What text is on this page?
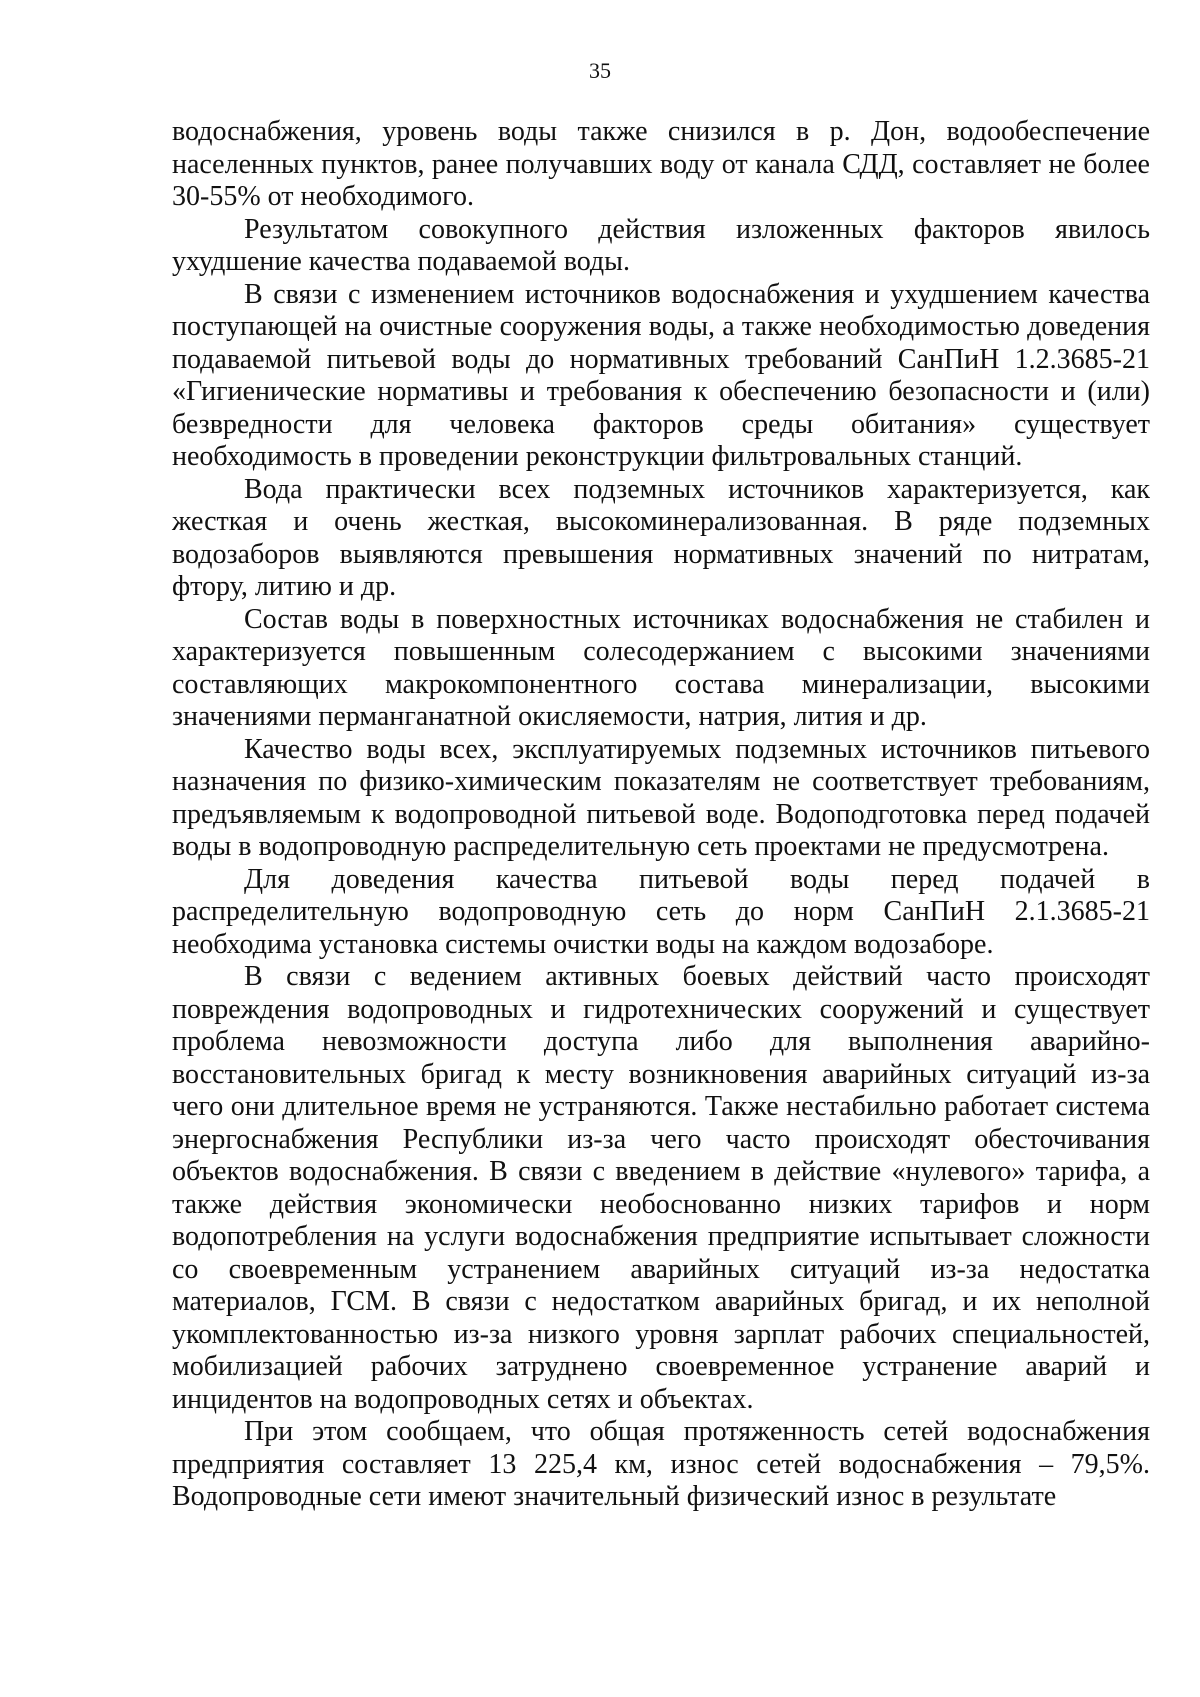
35

водоснабжения, уровень воды также снизился в р. Дон, водообеспечение населенных пунктов, ранее получавших воду от канала СДД, составляет не более 30-55% от необходимого.

Результатом совокупного действия изложенных факторов явилось ухудшение качества подаваемой воды.

В связи с изменением источников водоснабжения и ухудшением качества поступающей на очистные сооружения воды, а также необходимостью доведения подаваемой питьевой воды до нормативных требований СанПиН 1.2.3685-21 «Гигиенические нормативы и требования к обеспечению безопасности и (или) безвредности для человека факторов среды обитания» существует необходимость в проведении реконструкции фильтровальных станций.

Вода практически всех подземных источников характеризуется, как жесткая и очень жесткая, высокоминерализованная. В ряде подземных водозаборов выявляются превышения нормативных значений по нитратам, фтору, литию и др.

Состав воды в поверхностных источниках водоснабжения не стабилен и характеризуется повышенным солесодержанием с высокими значениями составляющих макрокомпонентного состава минерализации, высокими значениями перманганатной окисляемости, натрия, лития и др.

Качество воды всех, эксплуатируемых подземных источников питьевого назначения по физико-химическим показателям не соответствует требованиям, предъявляемым к водопроводной питьевой воде. Водоподготовка перед подачей воды в водопроводную распределительную сеть проектами не предусмотрена.

Для доведения качества питьевой воды перед подачей в распределительную водопроводную сеть до норм СанПиН 2.1.3685-21 необходима установка системы очистки воды на каждом водозаборе.

В связи с ведением активных боевых действий часто происходят повреждения водопроводных и гидротехнических сооружений и существует проблема невозможности доступа либо для выполнения аварийно-восстановительных бригад к месту возникновения аварийных ситуаций из-за чего они длительное время не устраняются. Также нестабильно работает система энергоснабжения Республики из-за чего часто происходят обесточивания объектов водоснабжения. В связи с введением в действие «нулевого» тарифа, а также действия экономически необоснованно низких тарифов и норм водопотребления на услуги водоснабжения предприятие испытывает сложности со своевременным устранением аварийных ситуаций из-за недостатка материалов, ГСМ. В связи с недостатком аварийных бригад, и их неполной укомплектованностью из-за низкого уровня зарплат рабочих специальностей, мобилизацией рабочих затруднено своевременное устранение аварий и инцидентов на водопроводных сетях и объектах.

При этом сообщаем, что общая протяженность сетей водоснабжения предприятия составляет 13 225,4 км, износ сетей водоснабжения – 79,5%. Водопроводные сети имеют значительный физический износ в результате
